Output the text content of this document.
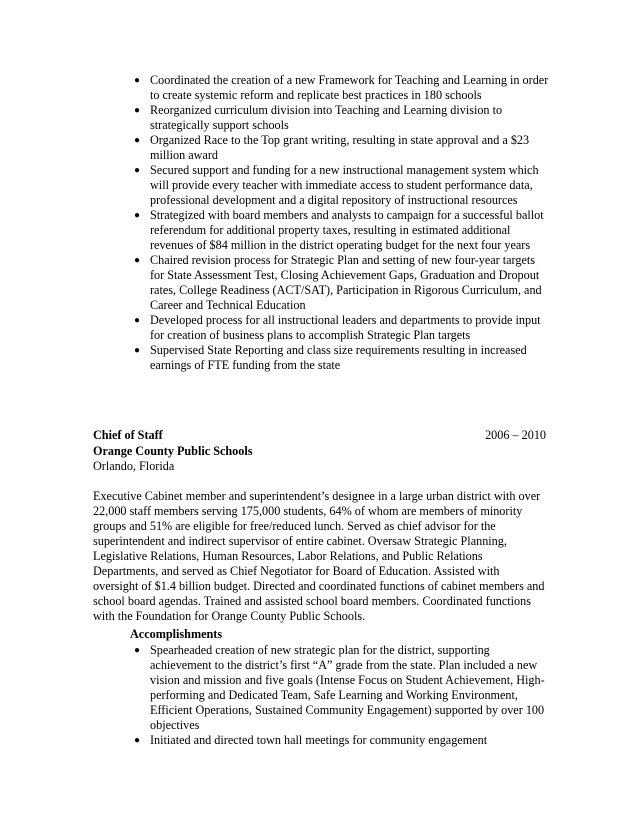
● Coordinated the creation of a new Framework for Teaching and Learning in order to create systemic reform and replicate best practices in 180 schools
● Reorganized curriculum division into Teaching and Learning division to strategically support schools
● Organized Race to the Top grant writing, resulting in state approval and a $23 million award
● Secured support and funding for a new instructional management system which will provide every teacher with immediate access to student performance data, professional development and a digital repository of instructional resources
● Strategized with board members and analysts to campaign for a successful ballot referendum for additional property taxes, resulting in estimated additional revenues of $84 million in the district operating budget for the next four years
● Chaired revision process for Strategic Plan and setting of new four-year targets for State Assessment Test, Closing Achievement Gaps, Graduation and Dropout rates, College Readiness (ACT/SAT), Participation in Rigorous Curriculum, and Career and Technical Education
● Developed process for all instructional leaders and departments to provide input for creation of business plans to accomplish Strategic Plan targets
● Supervised State Reporting and class size requirements resulting in increased earnings of FTE funding from the state
Chief of Staff	2006 – 2010
Orange County Public Schools
Orlando, Florida
Executive Cabinet member and superintendent’s designee in a large urban district with over 22,000 staff members serving 175,000 students, 64% of whom are members of minority groups and 51% are eligible for free/reduced lunch. Served as chief advisor for the superintendent and indirect supervisor of entire cabinet. Oversaw Strategic Planning, Legislative Relations, Human Resources, Labor Relations, and Public Relations Departments, and served as Chief Negotiator for Board of Education. Assisted with oversight of $1.4 billion budget. Directed and coordinated functions of cabinet members and school board agendas. Trained and assisted school board members. Coordinated functions with the Foundation for Orange County Public Schools.
Accomplishments
● Spearheaded creation of new strategic plan for the district, supporting achievement to the district’s first “A” grade from the state. Plan included a new vision and mission and five goals (Intense Focus on Student Achievement, High-performing and Dedicated Team, Safe Learning and Working Environment, Efficient Operations, Sustained Community Engagement) supported by over 100 objectives
● Initiated and directed town hall meetings for community engagement
